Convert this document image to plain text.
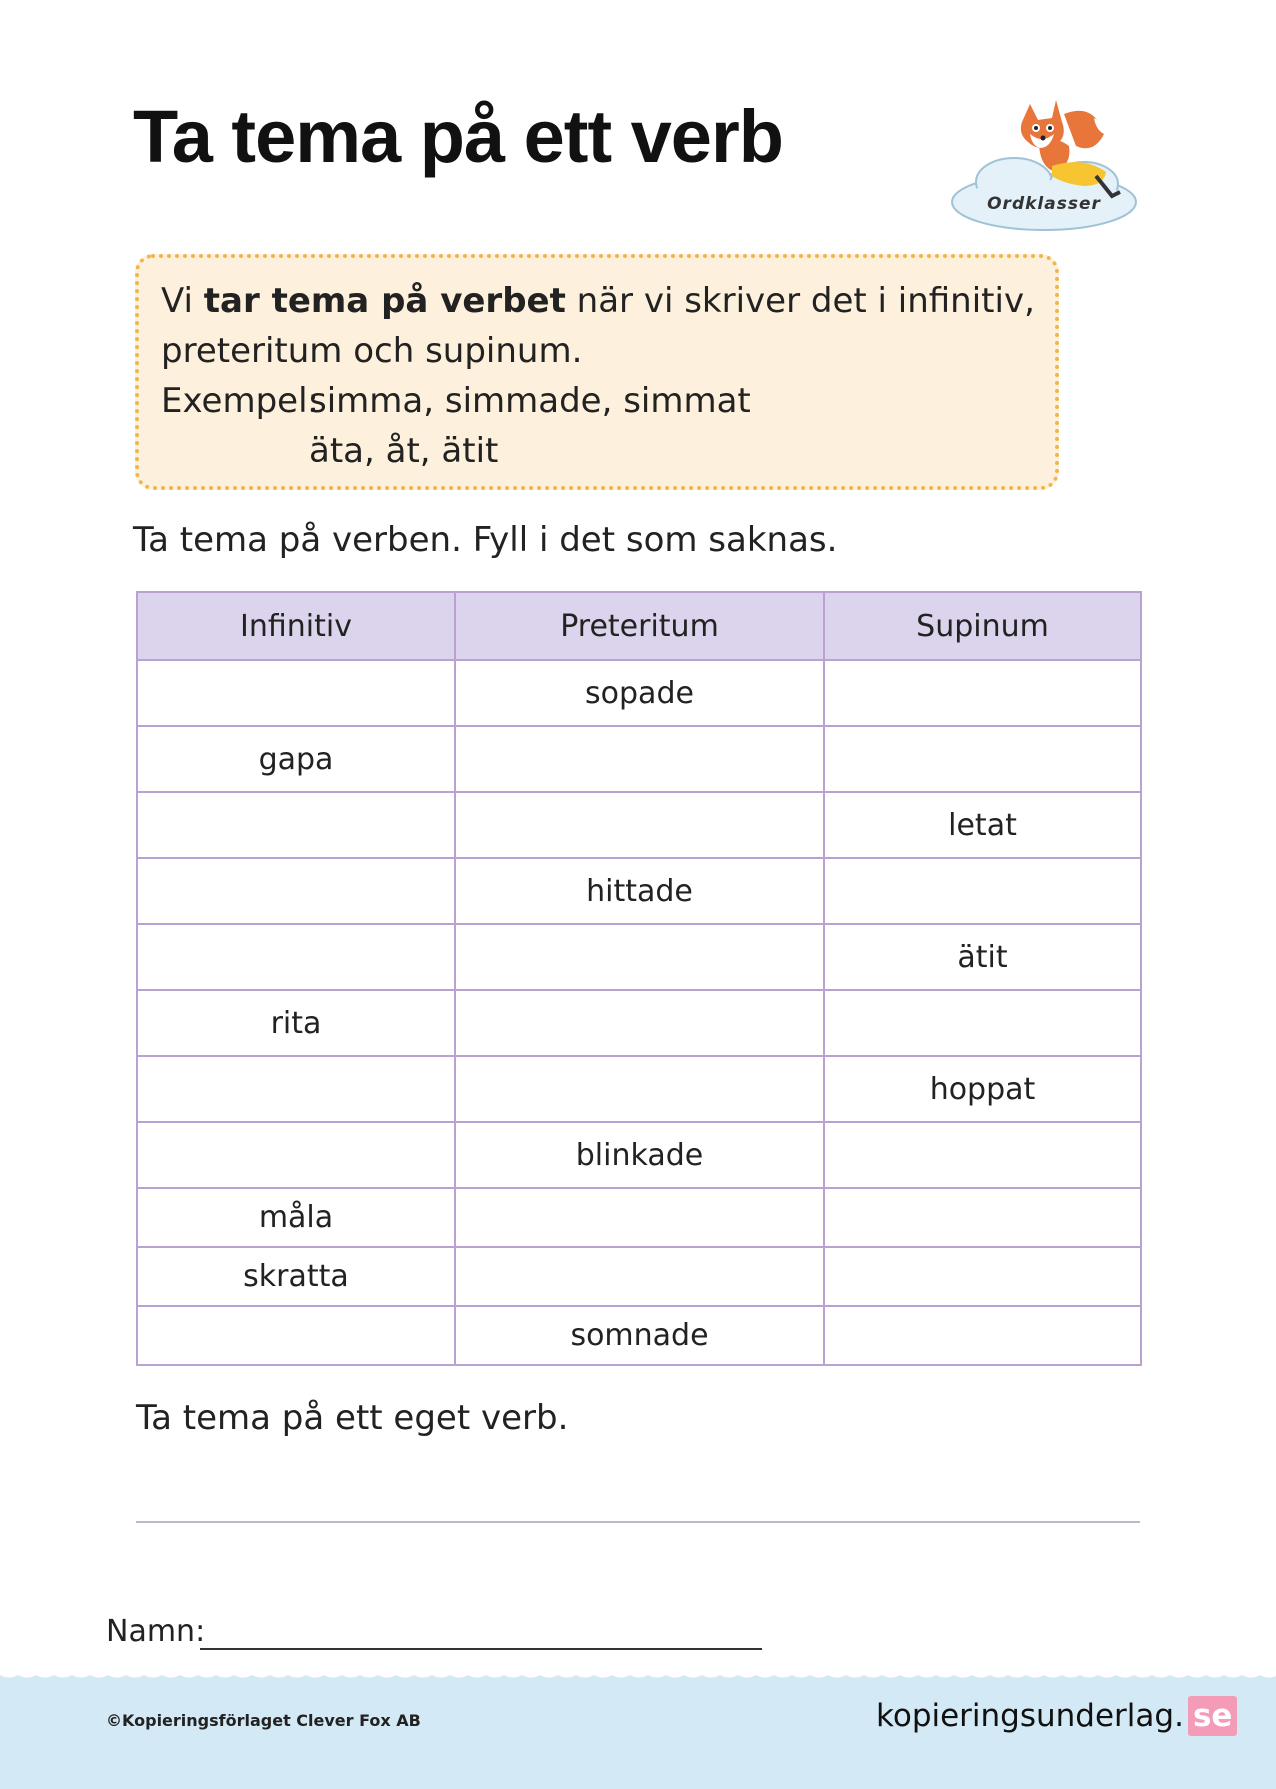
Ta tema på ett verb
Ordklasser
Vi tar tema på verbet när vi skriver det i infinitiv,
preteritum och supinum.
Exempel:simma, simmade, simmat
äta, åt, ätit
Ta tema på verben. Fyll i det som saknas.
Infinitiv	Preteritum	Supinum
	sopade	
gapa		
		letat
	hittade	
		ätit
rita		
		hoppat
	blinkade	
måla		
skratta		
	somnade	
Ta tema på ett eget verb.
Namn:
©Kopieringsförlaget Clever Fox AB	kopieringsunderlag. se
